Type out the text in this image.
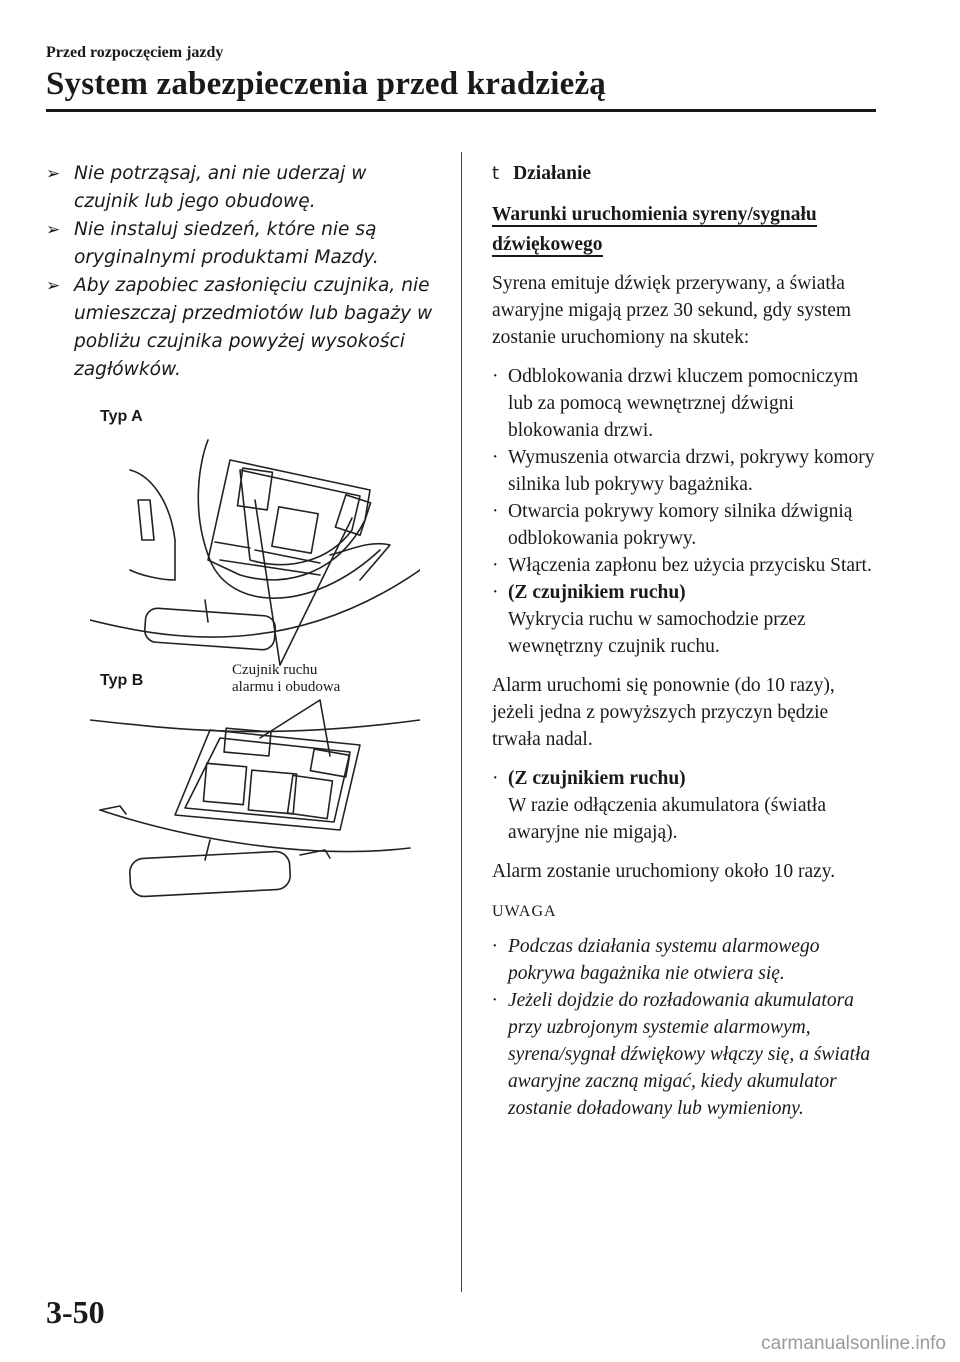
Przed rozpoczęciem jazdy
System zabezpieczenia przed kradzieżą
➢ Nie potrząsaj, ani nie uderzaj w czujnik lub jego obudowę.
➢ Nie instaluj siedzeń, które nie są oryginalnymi produktami Mazdy.
➢ Aby zapobiec zasłonięciu czujnika, nie umieszczaj przedmiotów lub bagaży w pobliżu czujnika powyżej wysokości zagłówków.
Typ A
Typ B
Czujnik ruchu
alarmu i obudowa
t Działanie
Warunki uruchomienia syreny/sygnału dźwiękowego

Syrena emituje dźwięk przerywany, a światła awaryjne migają przez 30 sekund, gdy system zostanie uruchomiony na skutek:

· Odblokowania drzwi kluczem pomocniczym lub za pomocą wewnętrznej dźwigni blokowania drzwi.
· Wymuszenia otwarcia drzwi, pokrywy komory silnika lub pokrywy bagażnika.
· Otwarcia pokrywy komory silnika dźwignią odblokowania pokrywy.
· Włączenia zapłonu bez użycia przycisku Start.
· (Z czujnikiem ruchu)
Wykrycia ruchu w samochodzie przez wewnętrzny czujnik ruchu.

Alarm uruchomi się ponownie (do 10 razy), jeżeli jedna z powyższych przyczyn będzie trwała nadal.

· (Z czujnikiem ruchu)
W razie odłączenia akumulatora (światła awaryjne nie migają).

Alarm zostanie uruchomiony około 10 razy.

UWAGA
· Podczas działania systemu alarmowego pokrywa bagażnika nie otwiera się.
· Jeżeli dojdzie do rozładowania akumulatora przy uzbrojonym systemie alarmowym, syrena/sygnał dźwiękowy włączy się, a światła awaryjne zaczną migać, kiedy akumulator zostanie doładowany lub wymieniony.
3-50
carmanualsonline.info
